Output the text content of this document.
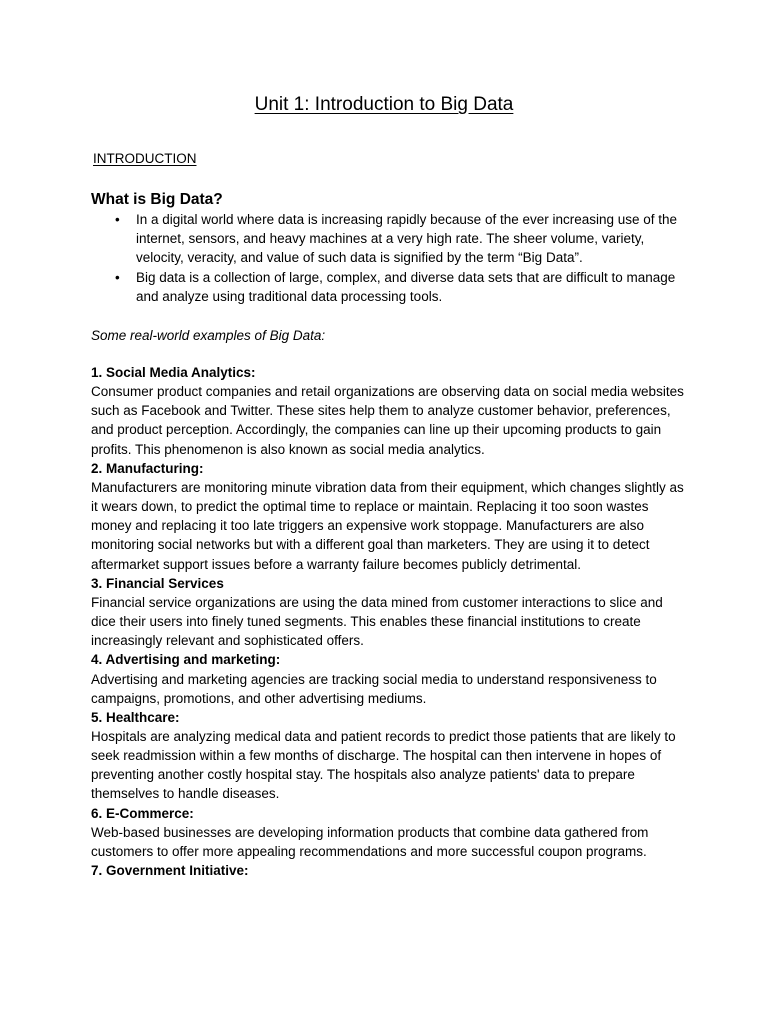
Unit 1: Introduction to Big Data
INTRODUCTION
What is Big Data?
• In a digital world where data is increasing rapidly because of the ever increasing use of the internet, sensors, and heavy machines at a very high rate. The sheer volume, variety, velocity, veracity, and value of such data is signified by the term “Big Data”.
• Big data is a collection of large, complex, and diverse data sets that are difficult to manage and analyze using traditional data processing tools.
Some real-world examples of Big Data:

1. Social Media Analytics:

Consumer product companies and retail organizations are observing data on social media websites such as Facebook and Twitter. These sites help them to analyze customer behavior, preferences, and product perception. Accordingly, the companies can line up their upcoming products to gain profits. This phenomenon is also known as social media analytics.

2. Manufacturing:

Manufacturers are monitoring minute vibration data from their equipment, which changes slightly as it wears down, to predict the optimal time to replace or maintain. Replacing it too soon wastes money and replacing it too late triggers an expensive work stoppage. Manufacturers are also monitoring social networks but with a different goal than marketers. They are using it to detect aftermarket support issues before a warranty failure becomes publicly detrimental.

3. Financial Services

Financial service organizations are using the data mined from customer interactions to slice and dice their users into finely tuned segments. This enables these financial institutions to create increasingly relevant and sophisticated offers.

4. Advertising and marketing:

Advertising and marketing agencies are tracking social media to understand responsiveness to campaigns, promotions, and other advertising mediums.

5. Healthcare:

Hospitals are analyzing medical data and patient records to predict those patients that are likely to seek readmission within a few months of discharge. The hospital can then intervene in hopes of preventing another costly hospital stay. The hospitals also analyze patients' data to prepare themselves to handle diseases.

6. E-Commerce:

Web-based businesses are developing information products that combine data gathered from customers to offer more appealing recommendations and more successful coupon programs.

7. Government Initiative:
